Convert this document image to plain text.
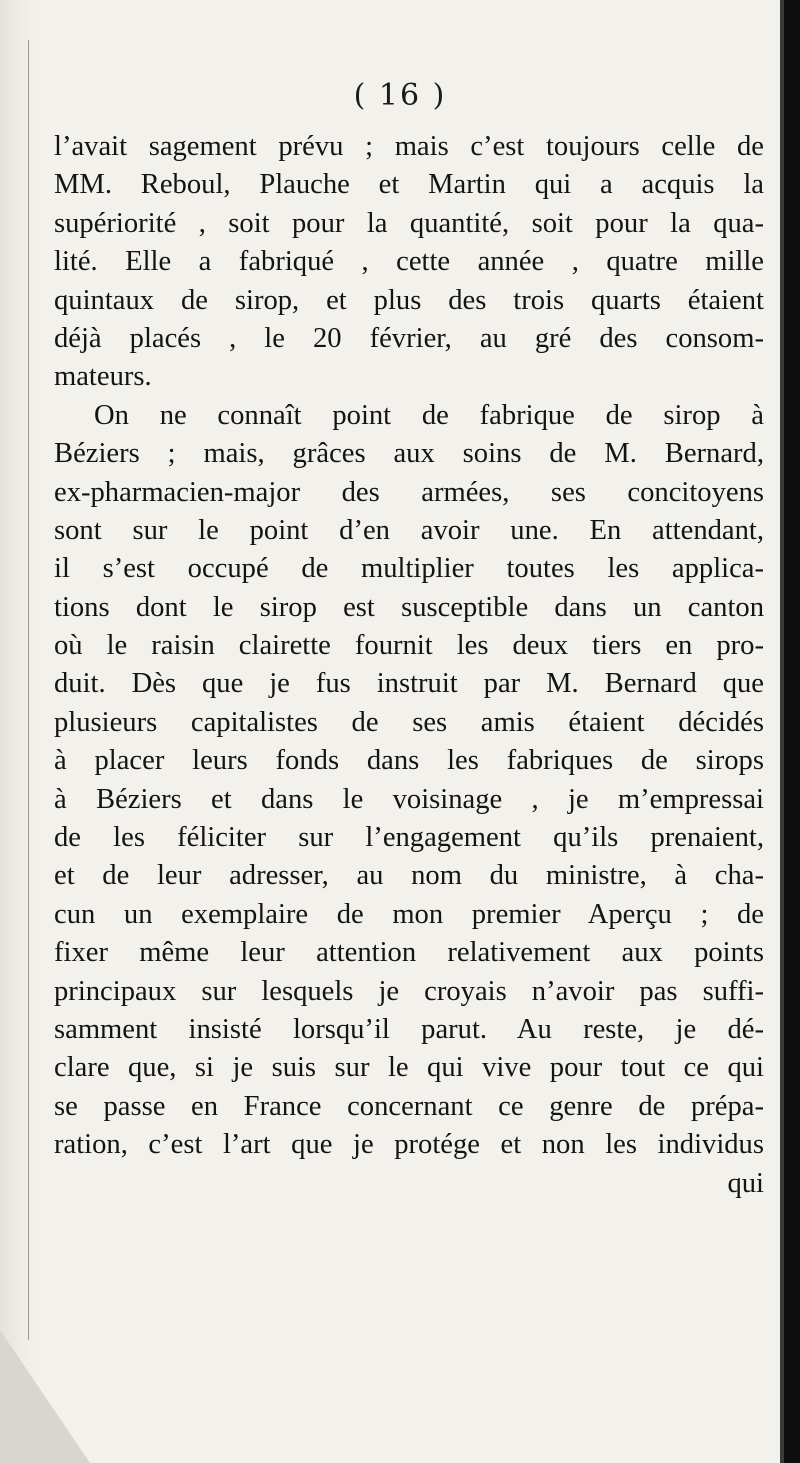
( 16 )
l’avait sagement prévu ; mais c’est toujours celle de
MM. Reboul, Plauche et Martin qui a acquis la
supériorité , soit pour la quantité, soit pour la qua-
lité. Elle a fabriqué , cette année , quatre mille
quintaux de sirop, et plus des trois quarts étaient
déjà placés , le 20 février, au gré des consom-
mateurs.
On ne connaît point de fabrique de sirop à
Béziers ; mais, grâces aux soins de M. Bernard,
ex-pharmacien-major des armées, ses concitoyens
sont sur le point d’en avoir une. En attendant,
il s’est occupé de multiplier toutes les applica-
tions dont le sirop est susceptible dans un canton
où le raisin clairette fournit les deux tiers en pro-
duit. Dès que je fus instruit par M. Bernard que
plusieurs capitalistes de ses amis étaient décidés
à placer leurs fonds dans les fabriques de sirops
à Béziers et dans le voisinage , je m’empressai
de les féliciter sur l’engagement qu’ils prenaient,
et de leur adresser, au nom du ministre, à cha-
cun un exemplaire de mon premier Aperçu ; de
fixer même leur attention relativement aux points
principaux sur lesquels je croyais n’avoir pas suffi-
samment insisté lorsqu’il parut. Au reste, je dé-
clare que, si je suis sur le qui vive pour tout ce qui
se passe en France concernant ce genre de prépa-
ration, c’est l’art que je protége et non les individus
qui
